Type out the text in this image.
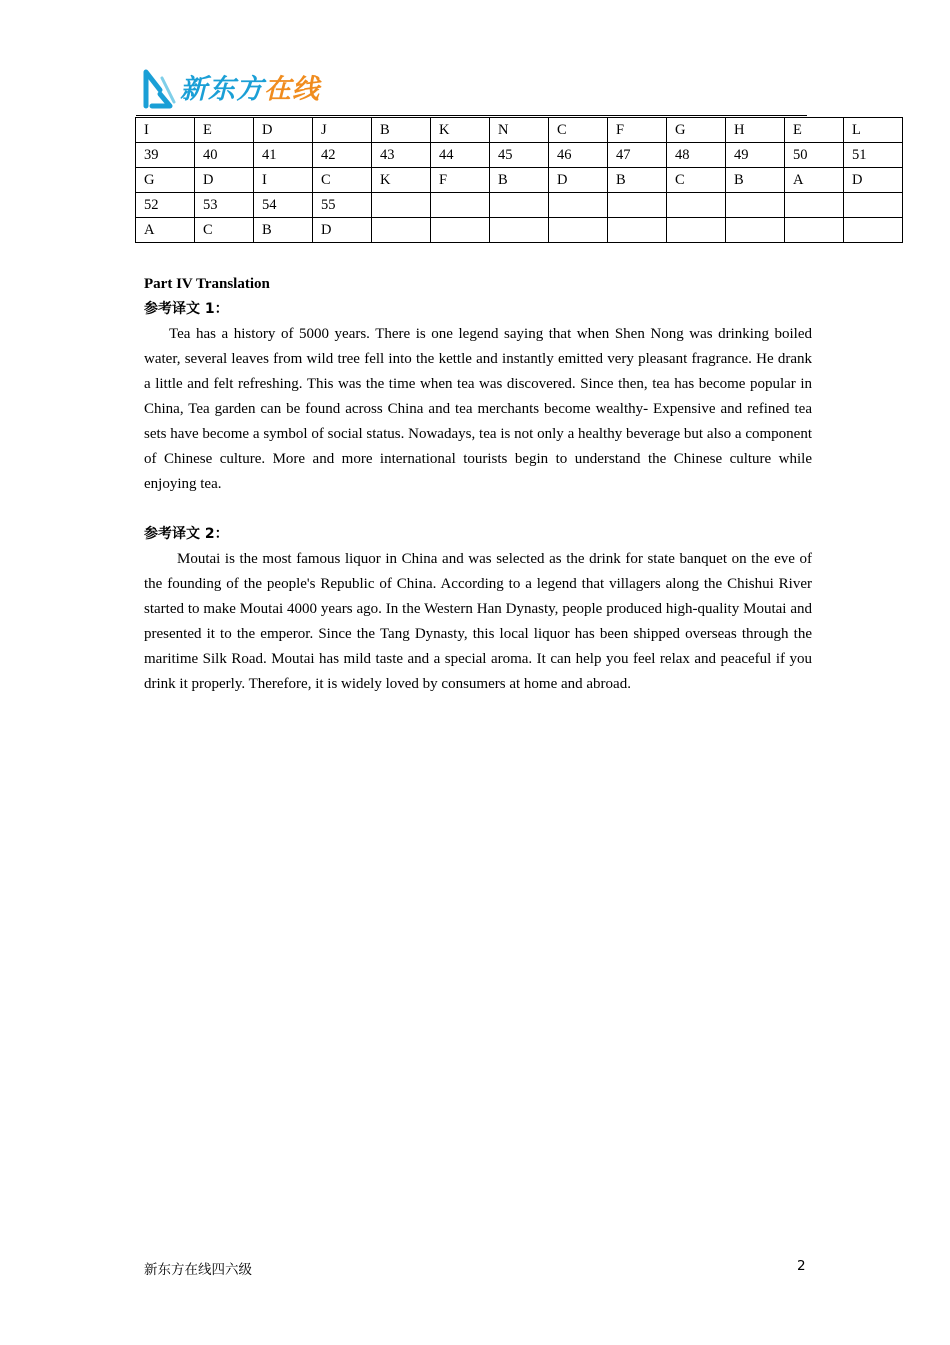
新东方在线
I	E	D	J	B	K	N	C	F	G	H	E	L
39	40	41	42	43	44	45	46	47	48	49	50	51
G	D	I	C	K	F	B	D	B	C	B	A	D
52	53	54	55									
A	C	B	D									

Part IV Translation

参考译文 1：

Tea has a history of 5000 years. There is one legend saying that when Shen Nong was drinking boiled water, several leaves from wild tree fell into the kettle and instantly emitted very pleasant fragrance. He drank a little and felt refreshing. This was the time when tea was discovered. Since then, tea has become popular in China, Tea garden can be found across China and tea merchants become wealthy- Expensive and refined tea sets have become a symbol of social status. Nowadays, tea is not only a healthy beverage but also a component of Chinese culture. More and more international tourists begin to understand the Chinese culture while enjoying tea.

参考译文 2：

Moutai is the most famous liquor in China and was selected as the drink for state banquet on the eve of the founding of the people's Republic of China. According to a legend that villagers along the Chishui River started to make Moutai 4000 years ago. In the Western Han Dynasty, people produced high-quality Moutai and presented it to the emperor. Since the Tang Dynasty, this local liquor has been shipped overseas through the maritime Silk Road. Moutai has mild taste and a special aroma. It can help you feel relax and peaceful if you drink it properly. Therefore, it is widely loved by consumers at home and abroad.

新东方在线四六级	2
